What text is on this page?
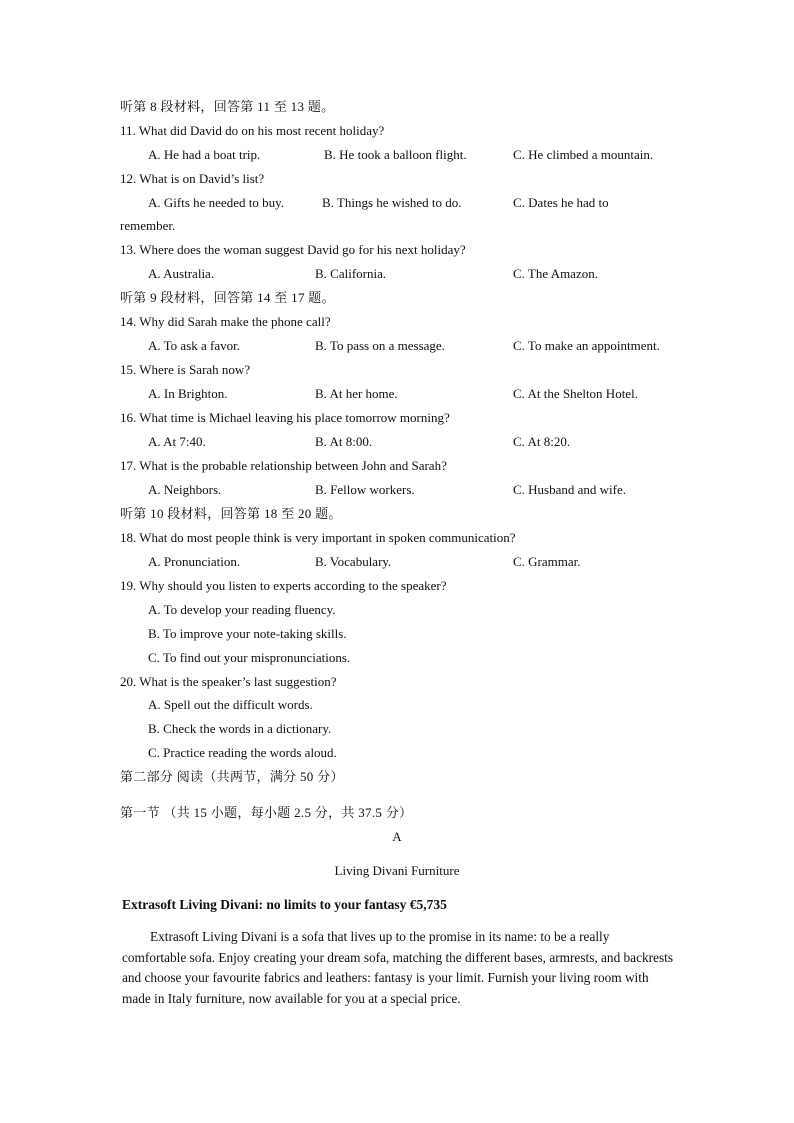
听第 8 段材料，回答第 11 至 13 题。
11. What did David do on his most recent holiday?
A. He had a boat trip.	B. He took a balloon flight.	C. He climbed a mountain.
12. What is on David’s list?
A. Gifts he needed to buy.	B. Things he wished to do.	C. Dates he had to
remember.
13. Where does the woman suggest David go for his next holiday?
A. Australia.	B. California.	C. The Amazon.
听第 9 段材料，回答第 14 至 17 题。
14. Why did Sarah make the phone call?
A. To ask a favor.	B. To pass on a message.	C. To make an appointment.
15. Where is Sarah now?
A. In Brighton.	B. At her home.	C. At the Shelton Hotel.
16. What time is Michael leaving his place tomorrow morning?
A. At 7:40.	B. At 8:00.	C. At 8:20.
17. What is the probable relationship between John and Sarah?
A. Neighbors.	B. Fellow workers.	C. Husband and wife.
听第 10 段材料，回答第 18 至 20 题。
18. What do most people think is very important in spoken communication?
A. Pronunciation.	B. Vocabulary.	C. Grammar.
19. Why should you listen to experts according to the speaker?
A. To develop your reading fluency.
B. To improve your note-taking skills.
C. To find out your mispronunciations.
20. What is the speaker’s last suggestion?
A. Spell out the difficult words.
B. Check the words in a dictionary.
C. Practice reading the words aloud.
第二部分 阅读（共两节，满分 50 分）
第一节 （共 15 小题，每小题 2.5 分，共 37.5 分）
A
Living Divani Furniture
Extrasoft Living Divani: no limits to your fantasy €5,735
Extrasoft Living Divani is a sofa that lives up to the promise in its name: to be a really comfortable sofa. Enjoy creating your dream sofa, matching the different bases, armrests, and backrests and choose your favourite fabrics and leathers: fantasy is your limit. Furnish your living room with made in Italy furniture, now available for you at a special price.
